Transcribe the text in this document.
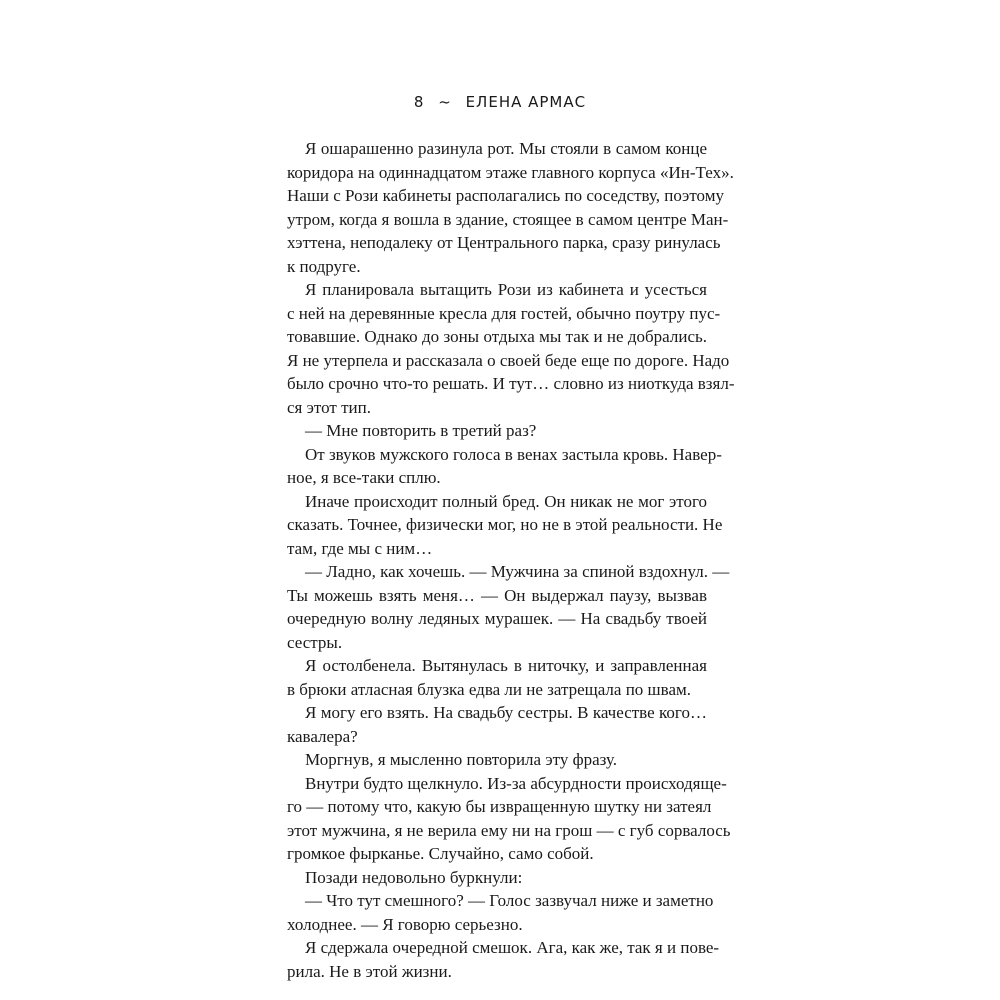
8 ~ ЕЛЕНА АРМАС
Я ошарашенно разинула рот. Мы стояли в самом конце
коридора на одиннадцатом этаже главного корпуса «Ин-Тех».
Наши с Рози кабинеты располагались по соседству, поэтому
утром, когда я вошла в здание, стоящее в самом центре Ман-
хэттена, неподалеку от Центрального парка, сразу ринулась
к подруге.
Я планировала вытащить Рози из кабинета и усесться
с ней на деревянные кресла для гостей, обычно поутру пус-
товавшие. Однако до зоны отдыха мы так и не добрались.
Я не утерпела и рассказала о своей беде еще по дороге. Надо
было срочно что-то решать. И тут… словно из ниоткуда взял-
ся этот тип.
— Мне повторить в третий раз?
От звуков мужского голоса в венах застыла кровь. Навер-
ное, я все-таки сплю.
Иначе происходит полный бред. Он никак не мог этого
сказать. Точнее, физически мог, но не в этой реальности. Не
там, где мы с ним…
— Ладно, как хочешь. — Мужчина за спиной вздохнул. —
Ты можешь взять меня… — Он выдержал паузу, вызвав
очередную волну ледяных мурашек. — На свадьбу твоей
сестры.
Я остолбенела. Вытянулась в ниточку, и заправленная
в брюки атласная блузка едва ли не затрещала по швам.
Я могу его взять. На свадьбу сестры. В качестве кого…
кавалера?
Моргнув, я мысленно повторила эту фразу.
Внутри будто щелкнуло. Из-за абсурдности происходяще-
го — потому что, какую бы извращенную шутку ни затеял
этот мужчина, я не верила ему ни на грош — с губ сорвалось
громкое фырканье. Случайно, само собой.
Позади недовольно буркнули:
— Что тут смешного? — Голос зазвучал ниже и заметно
холоднее. — Я говорю серьезно.
Я сдержала очередной смешок. Ага, как же, так я и пове-
рила. Не в этой жизни.
